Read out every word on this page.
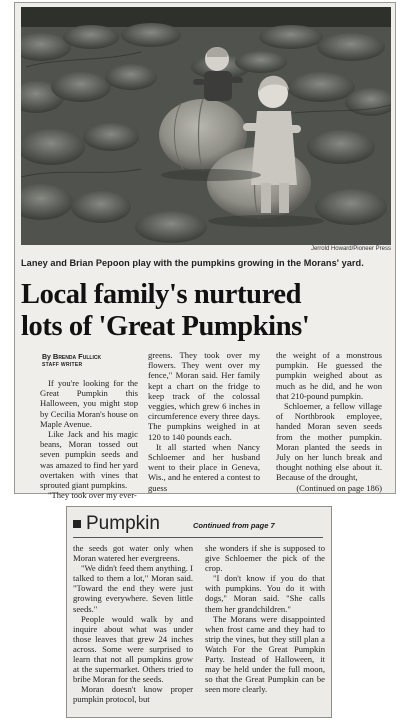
Jerrold Howard/Pioneer Press
Laney and Brian Pepoon play with the pumpkins growing in the Morans' yard.
Local family's nurtured
lots of 'Great Pumpkins'
By Brenda Fullick
STAFF WRITER

If you're looking for the Great Pumpkin this Halloween, you might stop by Cecilia Moran's house on Maple Avenue.

Like Jack and his magic beans, Moran tossed out seven pumpkin seeds and was amazed to find her yard overtaken with vines that sprouted giant pumpkins.

"They took over my ever-

greens. They took over my flowers. They went over my fence," Moran said. Her family kept a chart on the fridge to keep track of the colossal veggies, which grew 6 inches in circumference every three days. The pumpkins weighed in at 120 to 140 pounds each.

It all started when Nancy Schloemer and her husband went to their place in Geneva, Wis., and he entered a contest to guess

the weight of a monstrous pumpkin. He guessed the pumpkin weighed about as much as he did, and he won that 210-pound pumpkin.

Schloemer, a fellow village of Northbrook employee, handed Moran seven seeds from the mother pumpkin. Moran planted the seeds in July on her lunch break and thought nothing else about it. Because of the drought,

(Continued on page 186)

Pumpkin	Continued from page 7

the seeds got water only when Moran watered her evergreens.

"We didn't feed them anything. I talked to them a lot," Moran said. "Toward the end they were just growing everywhere. Seven little seeds."

People would walk by and inquire about what was under those leaves that grew 24 inches across. Some were surprised to learn that not all pumpkins grow at the supermarket. Others tried to bribe Moran for the seeds.

Moran doesn't know proper pumpkin protocol, but

she wonders if she is supposed to give Schloemer the pick of the crop.

"I don't know if you do that with pumpkins. You do it with dogs," Moran said. "She calls them her grandchildren."

The Morans were disappointed when frost came and they had to strip the vines, but they still plan a Watch For the Great Pumpkin Party. Instead of Halloween, it may be held under the full moon, so that the Great Pumpkin can be seen more clearly.
